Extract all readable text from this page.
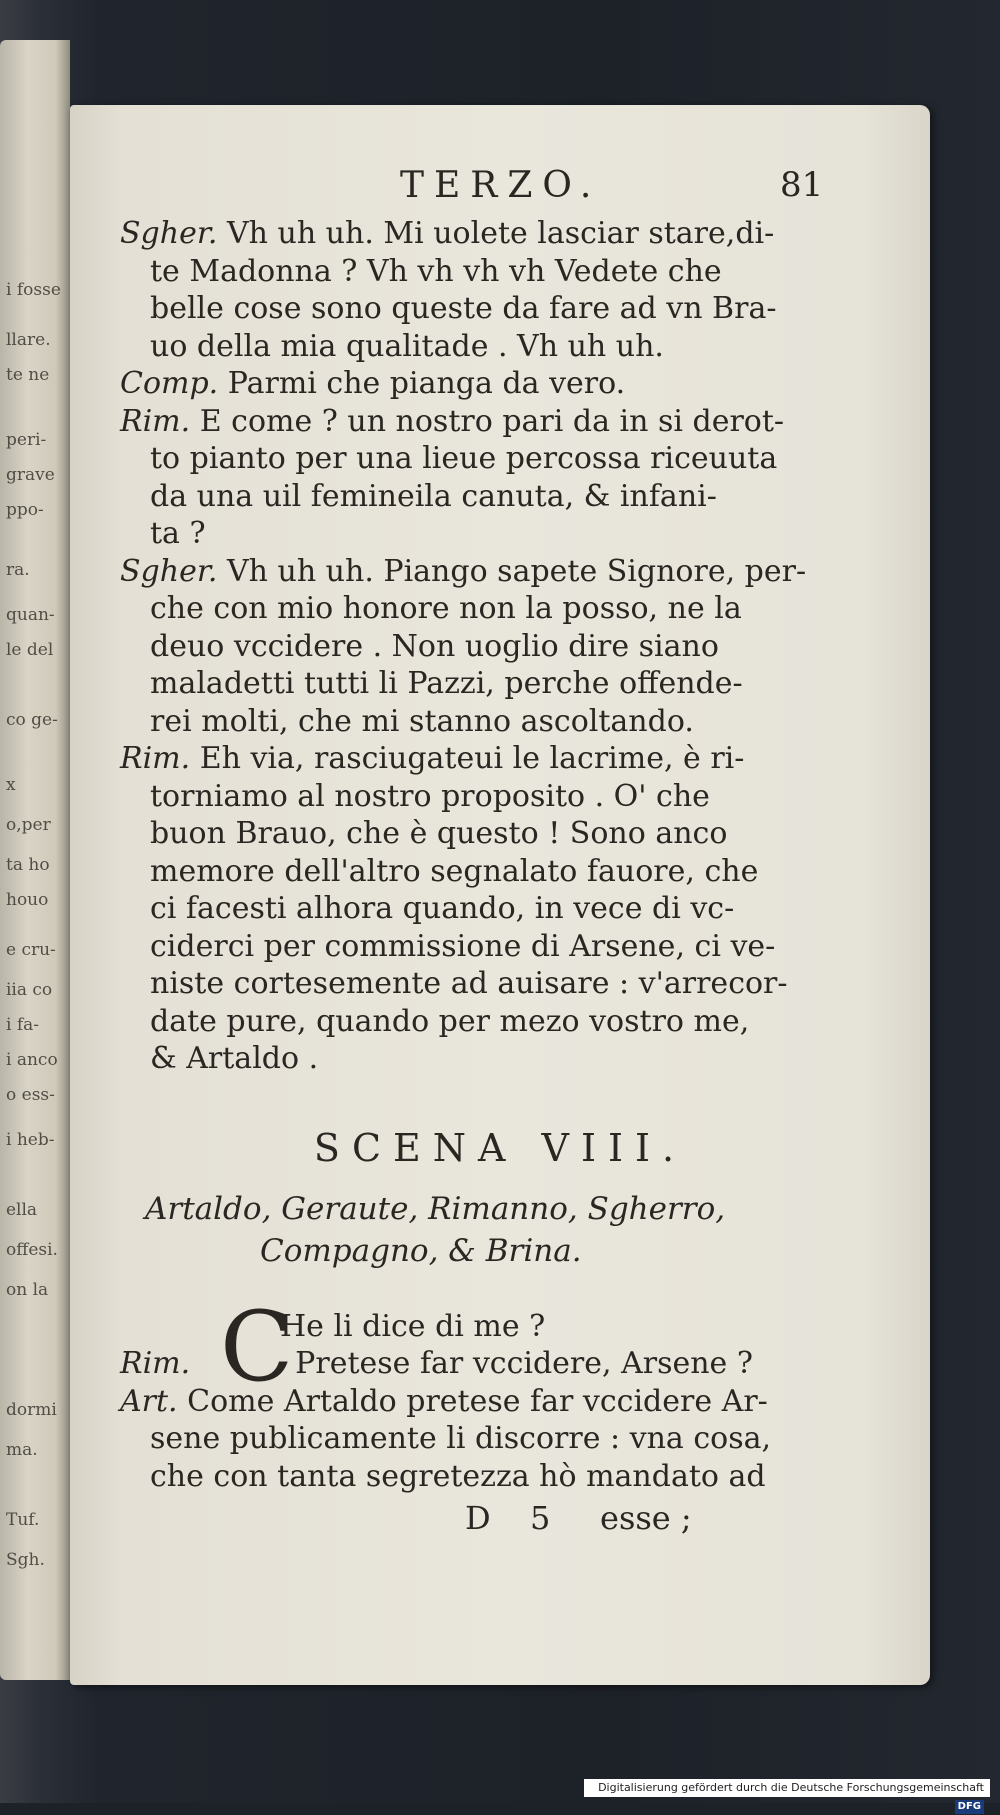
i fosse
llare.
te ne
peri-
grave
ppo-
ra.
quan-
le del
co ge-
x
o,per
ta ho
houo
e cru-
iia co
i fa-
i anco
o ess-
i heb-
ella
offesi.
on la
dormi
ma.
Tuf.
Sgh.
TERZO.	81
Sgher. Vh uh uh. Mi uolete lasciar stare,di-
te Madonna ? Vh vh vh vh Vedete che
belle cose sono queste da fare ad vn Bra-
uo della mia qualitade . Vh uh uh.
Comp. Parmi che pianga da vero.
Rim. E come ? un nostro pari da in si derot-
to pianto per una lieue percossa riceuuta
da una uil femineila canuta, & infani-
ta ?
Sgher. Vh uh uh. Piango sapete Signore, per-
che con mio honore non la posso, ne la
deuo vccidere . Non uoglio dire siano
maladetti tutti li Pazzi, perche offende-
rei molti, che mi stanno ascoltando.
Rim. Eh via, rasciugateui le lacrime, è ri-
torniamo al nostro proposito . O' che
buon Brauo, che è questo ! Sono anco
memore dell'altro segnalato fauore, che
ci facesti alhora quando, in vece di vc-
ciderci per commissione di Arsene, ci ve-
niste cortesemente ad auisare : v'arrecor-
date pure, quando per mezo vostro me,
& Artaldo .
SCENA VIII.
Artaldo, Geraute, Rimanno, Sgherro,
Compagno, & Brina.
C
He li dice di me ?
Rim.	Pretese far vccidere, Arsene ?
Art. Come Artaldo pretese far vccidere Ar-
sene publicamente li discorre : vna cosa,
che con tanta segretezza hò mandato ad
D 5 esse ;
Digitalisierung gefördert durch die Deutsche Forschungsgemeinschaft DFG
